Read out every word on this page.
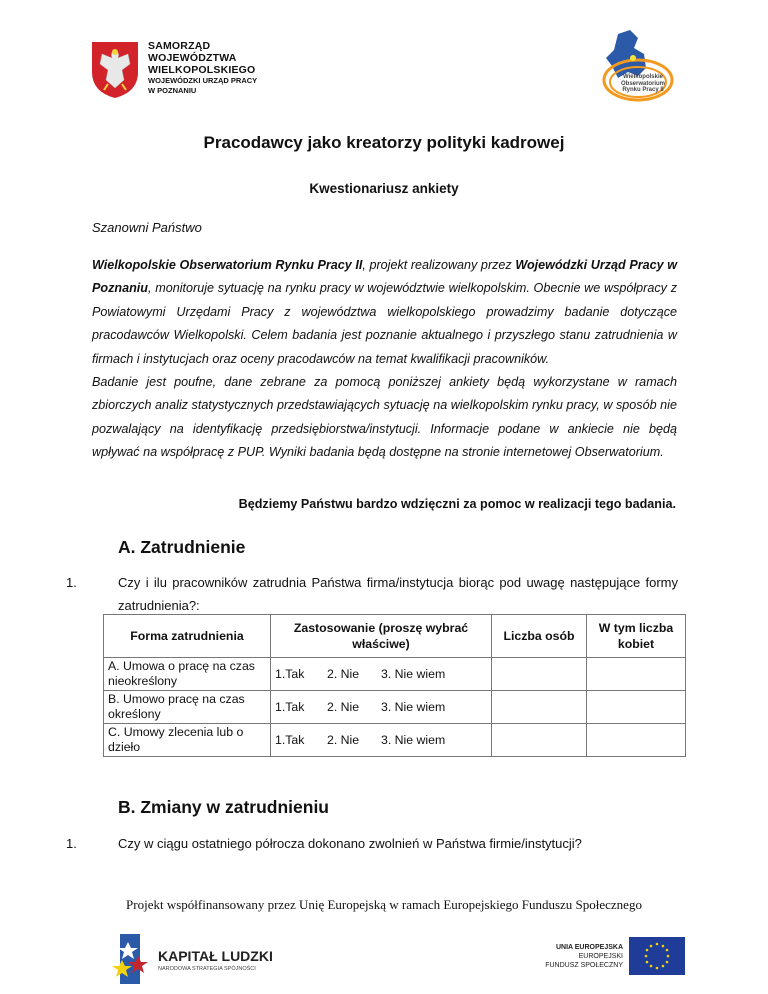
SAMORZĄD WOJEWÓDZTWA
WIELKOPOLSKIEGO
WOJEWÓDZKI URZĄD PRACY
W POZNANIU
Wielkopolskie Obserwatorium Rynku Pracy II
Pracodawcy jako kreatorzy polityki kadrowej
Kwestionariusz ankiety
Szanowni Państwo

Wielkopolskie Obserwatorium Rynku Pracy II, projekt realizowany przez Wojewódzki Urząd Pracy w Poznaniu, monitoruje sytuację na rynku pracy w województwie wielkopolskim. Obecnie we współpracy z Powiatowymi Urzędami Pracy z województwa wielkopolskiego prowadzimy badanie dotyczące pracodawców Wielkopolski. Celem badania jest poznanie aktualnego i przyszłego stanu zatrudnienia w firmach i instytucjach oraz oceny pracodawców na temat kwalifikacji pracowników.

Badanie jest poufne, dane zebrane za pomocą poniższej ankiety będą wykorzystane w ramach zbiorczych analiz statystycznych przedstawiających sytuację na wielkopolskim rynku pracy, w sposób nie pozwalający na identyfikację przedsiębiorstwa/instytucji. Informacje podane w ankiecie nie będą wpływać na współpracę z PUP. Wyniki badania będą dostępne na stronie internetowej Obserwatorium.

Będziemy Państwu bardzo wdzięczni za pomoc w realizacji tego badania.
A. Zatrudnienie
1.	Czy i ilu pracowników zatrudnia Państwa firma/instytucja biorąc pod uwagę następujące formy zatrudnienia?:
Forma zatrudnienia	Zastosowanie (proszę wybrać właściwe)	Liczba osób	W tym liczba kobiet
A. Umowa o pracę na czas nieokreślony	1.Tak 2. Nie 3. Nie wiem		

B. Umowo pracę na czas określony	1.Tak 2. Nie 3. Nie wiem		

C. Umowy zlecenia lub o dzieło	1.Tak 2. Nie 3. Nie wiem		

B. Zmiany w zatrudnieniu
1.	Czy w ciągu ostatniego półrocza dokonano zwolnień w Państwa firmie/instytucji?
Projekt współfinansowany przez Unię Europejską w ramach Europejskiego Funduszu Społecznego
KAPITAŁ LUDZKI
NARODOWA STRATEGIA SPÓJNOŚCI
UNIA EUROPEJSKA
EUROPEJSKI
FUNDUSZ SPOŁECZNY
